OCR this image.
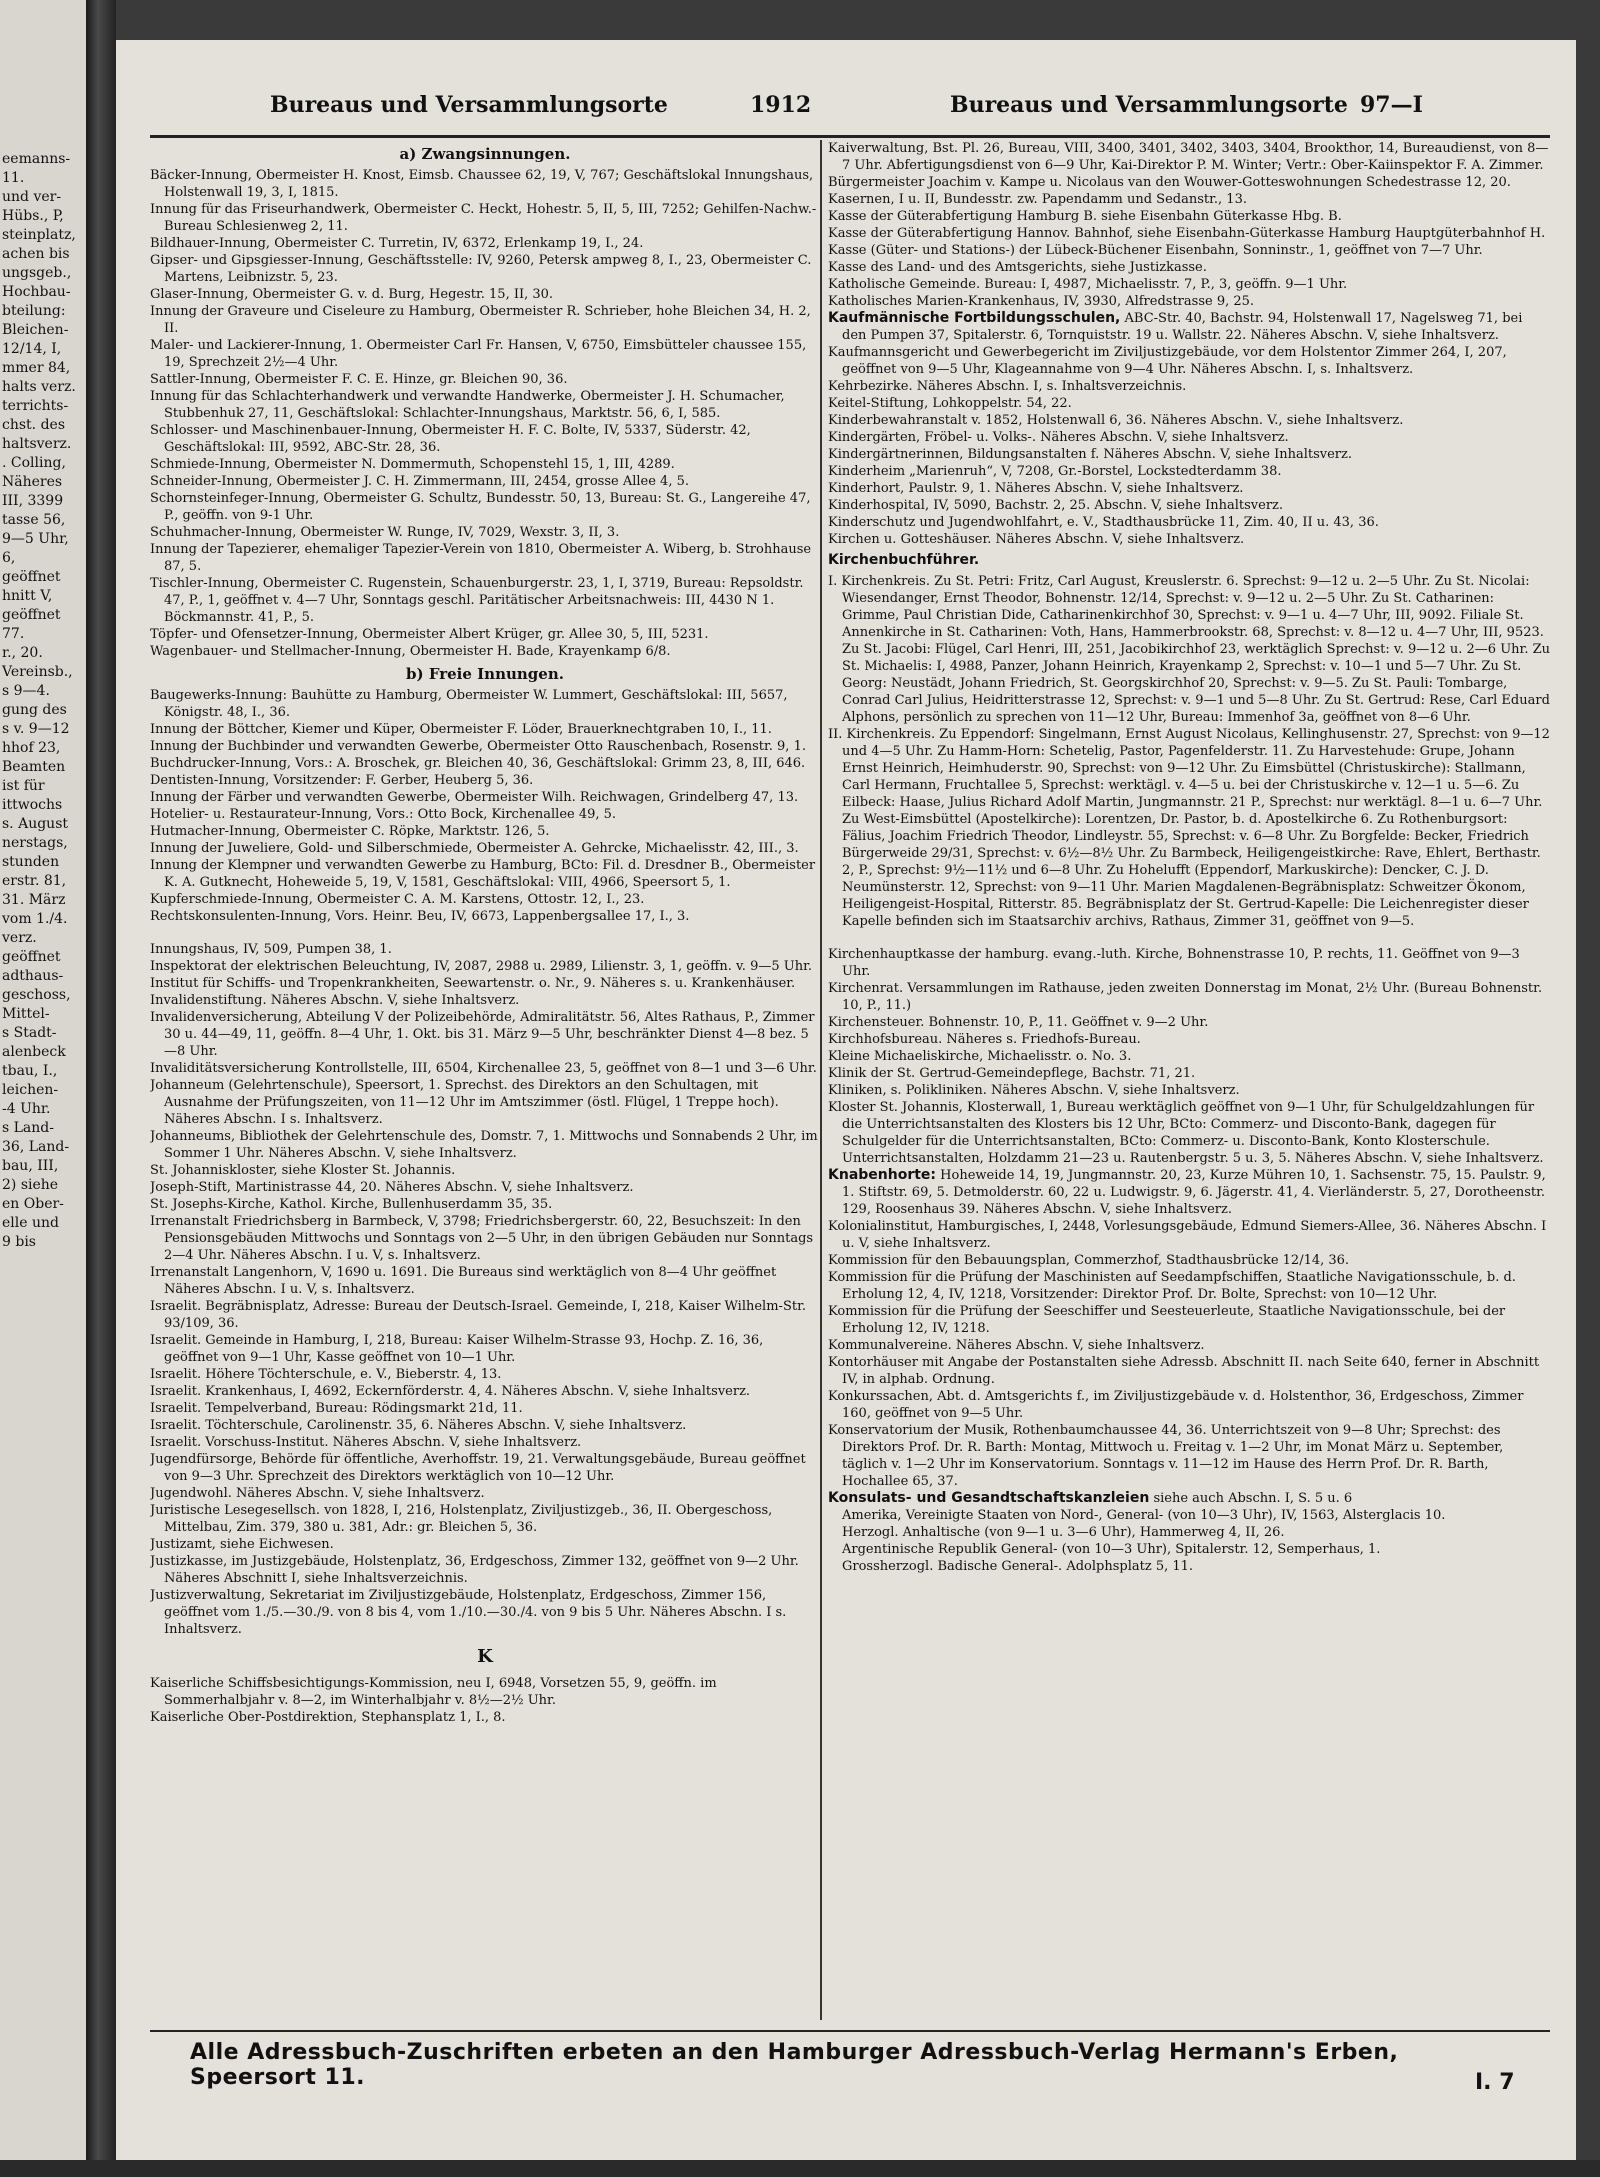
eemanns-
11.
und ver-
Hübs., P,
steinplatz,
achen bis
ungsgeb.,
Hochbau-
bteilung:
Bleichen-
12/14, I,
mmer 84,
halts verz.
terrichts-
chst. des
haltsverz.
. Colling,
Näheres
III, 3399
tasse 56,
9—5 Uhr,
6,
geöffnet
hnitt V,
geöffnet
77.
r., 20.
Vereinsb.,
s 9—4.
gung des
s v. 9—12
hhof 23,
Beamten
ist für
ittwochs
s. August
nerstags,
stunden
erstr. 81,
31. März
vom 1./4.
verz.
geöffnet
adthaus-
geschoss,
Mittel-
s Stadt-
alenbeck
tbau, I.,
leichen-
-4 Uhr.
s Land-
36, Land-
bau, III,
2) siehe
en Ober-
elle und
9 bis
Bureaus und Versammlungsorte	1912	Bureaus und Versammlungsorte 97—I
a) Zwangsinnungen.

Bäcker-Innung, Obermeister H. Knost, Eimsb. Chaussee 62, 19, V, 767; Geschäftslokal Innungshaus, Holstenwall 19, 3, I, 1815.

Innung für das Friseurhandwerk, Obermeister C. Heckt, Hohestr. 5, II, 5, III, 7252; Gehilfen-Nachw.-Bureau Schlesienweg 2, 11.

Bildhauer-Innung, Obermeister C. Turretin, IV, 6372, Erlenkamp 19, I., 24.

Gipser- und Gipsgiesser-Innung, Geschäftsstelle: IV, 9260, Petersk ampweg 8, I., 23, Obermeister C. Martens, Leibnizstr. 5, 23.

Glaser-Innung, Obermeister G. v. d. Burg, Hegestr. 15, II, 30.

Innung der Graveure und Ciseleure zu Hamburg, Obermeister R. Schrieber, hohe Bleichen 34, H. 2, II.

Maler- und Lackierer-Innung, 1. Obermeister Carl Fr. Hansen, V, 6750, Eimsbütteler chaussee 155, 19, Sprechzeit 2½—4 Uhr.

Sattler-Innung, Obermeister F. C. E. Hinze, gr. Bleichen 90, 36.

Innung für das Schlachterhandwerk und verwandte Handwerke, Obermeister J. H. Schumacher, Stubbenhuk 27, 11, Geschäftslokal: Schlachter-Innungshaus, Marktstr. 56, 6, I, 585.

Schlosser- und Maschinenbauer-Innung, Obermeister H. F. C. Bolte, IV, 5337, Süderstr. 42, Geschäftslokal: III, 9592, ABC-Str. 28, 36.

Schmiede-Innung, Obermeister N. Dommermuth, Schopenstehl 15, 1, III, 4289.

Schneider-Innung, Obermeister J. C. H. Zimmermann, III, 2454, grosse Allee 4, 5.

Schornsteinfeger-Innung, Obermeister G. Schultz, Bundesstr. 50, 13, Bureau: St. G., Langereihe 47, P., geöffn. von 9-1 Uhr.

Schuhmacher-Innung, Obermeister W. Runge, IV, 7029, Wexstr. 3, II, 3.

Innung der Tapezierer, ehemaliger Tapezier-Verein von 1810, Obermeister A. Wiberg, b. Strohhause 87, 5.

Tischler-Innung, Obermeister C. Rugenstein, Schauenburgerstr. 23, 1, I, 3719, Bureau: Repsoldstr. 47, P., 1, geöffnet v. 4—7 Uhr, Sonntags geschl. Paritätischer Arbeitsnachweis: III, 4430 N 1. Böckmannstr. 41, P., 5.

Töpfer- und Ofensetzer-Innung, Obermeister Albert Krüger, gr. Allee 30, 5, III, 5231.

Wagenbauer- und Stellmacher-Innung, Obermeister H. Bade, Krayenkamp 6/8.

b) Freie Innungen.

Baugewerks-Innung: Bauhütte zu Hamburg, Obermeister W. Lummert, Geschäftslokal: III, 5657, Königstr. 48, I., 36.

Innung der Böttcher, Kiemer und Küper, Obermeister F. Löder, Brauerknechtgraben 10, I., 11.

Innung der Buchbinder und verwandten Gewerbe, Obermeister Otto Rauschenbach, Rosenstr. 9, 1.

Buchdrucker-Innung, Vors.: A. Broschek, gr. Bleichen 40, 36, Geschäftslokal: Grimm 23, 8, III, 646.

Dentisten-Innung, Vorsitzender: F. Gerber, Heuberg 5, 36.

Innung der Färber und verwandten Gewerbe, Obermeister Wilh. Reichwagen, Grindelberg 47, 13.

Hotelier- u. Restaurateur-Innung, Vors.: Otto Bock, Kirchenallee 49, 5.

Hutmacher-Innung, Obermeister C. Röpke, Marktstr. 126, 5.

Innung der Juweliere, Gold- und Silberschmiede, Obermeister A. Gehrcke, Michaelisstr. 42, III., 3.

Innung der Klempner und verwandten Gewerbe zu Hamburg, BCto: Fil. d. Dresdner B., Obermeister K. A. Gutknecht, Hoheweide 5, 19, V, 1581, Geschäftslokal: VIII, 4966, Speersort 5, 1.

Kupferschmiede-Innung, Obermeister C. A. M. Karstens, Ottostr. 12, I., 23.

Rechtskonsulenten-Innung, Vors. Heinr. Beu, IV, 6673, Lappenbergsallee 17, I., 3.

Innungshaus, IV, 509, Pumpen 38, 1.

Inspektorat der elektrischen Beleuchtung, IV, 2087, 2988 u. 2989, Lilienstr. 3, 1, geöffn. v. 9—5 Uhr.

Institut für Schiffs- und Tropenkrankheiten, Seewartenstr. o. Nr., 9. Näheres s. u. Krankenhäuser.

Invalidenstiftung. Näheres Abschn. V, siehe Inhaltsverz.

Invalidenversicherung, Abteilung V der Polizeibehörde, Admiralitätstr. 56, Altes Rathaus, P., Zimmer 30 u. 44—49, 11, geöffn. 8—4 Uhr, 1. Okt. bis 31. März 9—5 Uhr, beschränkter Dienst 4—8 bez. 5—8 Uhr.

Invaliditätsversicherung Kontrollstelle, III, 6504, Kirchenallee 23, 5, geöffnet von 8—1 und 3—6 Uhr.

Johanneum (Gelehrtenschule), Speersort, 1. Sprechst. des Direktors an den Schultagen, mit Ausnahme der Prüfungszeiten, von 11—12 Uhr im Amtszimmer (östl. Flügel, 1 Treppe hoch). Näheres Abschn. I s. Inhaltsverz.

Johanneums, Bibliothek der Gelehrtenschule des, Domstr. 7, 1. Mittwochs und Sonnabends 2 Uhr, im Sommer 1 Uhr. Näheres Abschn. V, siehe Inhaltsverz.

St. Johanniskloster, siehe Kloster St. Johannis.

Joseph-Stift, Martinistrasse 44, 20. Näheres Abschn. V, siehe Inhaltsverz.

St. Josephs-Kirche, Kathol. Kirche, Bullenhuserdamm 35, 35.

Irrenanstalt Friedrichsberg in Barmbeck, V, 3798; Friedrichsbergerstr. 60, 22, Besuchszeit: In den Pensionsgebäuden Mittwochs und Sonntags von 2—5 Uhr, in den übrigen Gebäuden nur Sonntags 2—4 Uhr. Näheres Abschn. I u. V, s. Inhaltsverz.

Irrenanstalt Langenhorn, V, 1690 u. 1691. Die Bureaus sind werktäglich von 8—4 Uhr geöffnet Näheres Abschn. I u. V, s. Inhaltsverz.

Israelit. Begräbnisplatz, Adresse: Bureau der Deutsch-Israel. Gemeinde, I, 218, Kaiser Wilhelm-Str. 93/109, 36.

Israelit. Gemeinde in Hamburg, I, 218, Bureau: Kaiser Wilhelm-Strasse 93, Hochp. Z. 16, 36, geöffnet von 9—1 Uhr, Kasse geöffnet von 10—1 Uhr.

Israelit. Höhere Töchterschule, e. V., Bieberstr. 4, 13.

Israelit. Krankenhaus, I, 4692, Eckernförderstr. 4, 4. Näheres Abschn. V, siehe Inhaltsverz.

Israelit. Tempelverband, Bureau: Rödingsmarkt 21d, 11.

Israelit. Töchterschule, Carolinenstr. 35, 6. Näheres Abschn. V, siehe Inhaltsverz.

Israelit. Vorschuss-Institut. Näheres Abschn. V, siehe Inhaltsverz.

Jugendfürsorge, Behörde für öffentliche, Averhoffstr. 19, 21. Verwaltungsgebäude, Bureau geöffnet von 9—3 Uhr. Sprechzeit des Direktors werktäglich von 10—12 Uhr.

Jugendwohl. Näheres Abschn. V, siehe Inhaltsverz.

Juristische Lesegesellsch. von 1828, I, 216, Holstenplatz, Ziviljustizgeb., 36, II. Obergeschoss, Mittelbau, Zim. 379, 380 u. 381, Adr.: gr. Bleichen 5, 36.

Justizamt, siehe Eichwesen.

Justizkasse, im Justizgebäude, Holstenplatz, 36, Erdgeschoss, Zimmer 132, geöffnet von 9—2 Uhr. Näheres Abschnitt I, siehe Inhaltsverzeichnis.

Justizverwaltung, Sekretariat im Ziviljustizgebäude, Holstenplatz, Erdgeschoss, Zimmer 156, geöffnet vom 1./5.—30./9. von 8 bis 4, vom 1./10.—30./4. von 9 bis 5 Uhr. Näheres Abschn. I s. Inhaltsverz.

K

Kaiserliche Schiffsbesichtigungs-Kommission, neu I, 6948, Vorsetzen 55, 9, geöffn. im Sommerhalbjahr v. 8—2, im Winterhalbjahr v. 8½—2½ Uhr.

Kaiserliche Ober-Postdirektion, Stephansplatz 1, I., 8.

Kaiverwaltung, Bst. Pl. 26, Bureau, VIII, 3400, 3401, 3402, 3403, 3404, Brookthor, 14, Bureaudienst, von 8—7 Uhr. Abfertigungsdienst von 6—9 Uhr, Kai-Direktor P. M. Winter; Vertr.: Ober-Kaiinspektor F. A. Zimmer.

Bürgermeister Joachim v. Kampe u. Nicolaus van den Wouwer-Gotteswohnungen Schedestrasse 12, 20.

Kasernen, I u. II, Bundesstr. zw. Papendamm und Sedanstr., 13.

Kasse der Güterabfertigung Hamburg B. siehe Eisenbahn Güterkasse Hbg. B.

Kasse der Güterabfertigung Hannov. Bahnhof, siehe Eisenbahn-Güterkasse Hamburg Hauptgüterbahnhof H.

Kasse (Güter- und Stations-) der Lübeck-Büchener Eisenbahn, Sonninstr., 1, geöffnet von 7—7 Uhr.

Kasse des Land- und des Amtsgerichts, siehe Justizkasse.

Katholische Gemeinde. Bureau: I, 4987, Michaelisstr. 7, P., 3, geöffn. 9—1 Uhr.

Katholisches Marien-Krankenhaus, IV, 3930, Alfredstrasse 9, 25.

Kaufmännische Fortbildungsschulen, ABC-Str. 40, Bachstr. 94, Holstenwall 17, Nagelsweg 71, bei den Pumpen 37, Spitalerstr. 6, Tornquiststr. 19 u. Wallstr. 22. Näheres Abschn. V, siehe Inhaltsverz.

Kaufmannsgericht und Gewerbegericht im Ziviljustizgebäude, vor dem Holstentor Zimmer 264, I, 207, geöffnet von 9—5 Uhr, Klageannahme von 9—4 Uhr. Näheres Abschn. I, s. Inhaltsverz.

Kehrbezirke. Näheres Abschn. I, s. Inhaltsverzeichnis.

Keitel-Stiftung, Lohkoppelstr. 54, 22.

Kinderbewahranstalt v. 1852, Holstenwall 6, 36. Näheres Abschn. V., siehe Inhaltsverz.

Kindergärten, Fröbel- u. Volks-. Näheres Abschn. V, siehe Inhaltsverz.

Kindergärtnerinnen, Bildungsanstalten f. Näheres Abschn. V, siehe Inhaltsverz.

Kinderheim „Marienruh“, V, 7208, Gr.-Borstel, Lockstedterdamm 38.

Kinderhort, Paulstr. 9, 1. Näheres Abschn. V, siehe Inhaltsverz.

Kinderhospital, IV, 5090, Bachstr. 2, 25. Abschn. V, siehe Inhaltsverz.

Kinderschutz und Jugendwohlfahrt, e. V., Stadthausbrücke 11, Zim. 40, II u. 43, 36.

Kirchen u. Gotteshäuser. Näheres Abschn. V, siehe Inhaltsverz.

Kirchenbuchführer.

I. Kirchenkreis. Zu St. Petri: Fritz, Carl August, Kreuslerstr. 6. Sprechst: 9—12 u. 2—5 Uhr. Zu St. Nicolai: Wiesendanger, Ernst Theodor, Bohnenstr. 12/14, Sprechst: v. 9—12 u. 2—5 Uhr. Zu St. Catharinen: Grimme, Paul Christian Dide, Catharinenkirchhof 30, Sprechst: v. 9—1 u. 4—7 Uhr, III, 9092. Filiale St. Annenkirche in St. Catharinen: Voth, Hans, Hammerbrookstr. 68, Sprechst: v. 8—12 u. 4—7 Uhr, III, 9523. Zu St. Jacobi: Flügel, Carl Henri, III, 251, Jacobikirchhof 23, werktäglich Sprechst: v. 9—12 u. 2—6 Uhr. Zu St. Michaelis: I, 4988, Panzer, Johann Heinrich, Krayenkamp 2, Sprechst: v. 10—1 und 5—7 Uhr. Zu St. Georg: Neustädt, Johann Friedrich, St. Georgskirchhof 20, Sprechst: v. 9—5. Zu St. Pauli: Tombarge, Conrad Carl Julius, Heidritterstrasse 12, Sprechst: v. 9—1 und 5—8 Uhr. Zu St. Gertrud: Rese, Carl Eduard Alphons, persönlich zu sprechen von 11—12 Uhr, Bureau: Immenhof 3a, geöffnet von 8—6 Uhr.

II. Kirchenkreis. Zu Eppendorf: Singelmann, Ernst August Nicolaus, Kellinghusenstr. 27, Sprechst: von 9—12 und 4—5 Uhr. Zu Hamm-Horn: Schetelig, Pastor, Pagenfelderstr. 11. Zu Harvestehude: Grupe, Johann Ernst Heinrich, Heimhuderstr. 90, Sprechst: von 9—12 Uhr. Zu Eimsbüttel (Christuskirche): Stallmann, Carl Hermann, Fruchtallee 5, Sprechst: werktägl. v. 4—5 u. bei der Christuskirche v. 12—1 u. 5—6. Zu Eilbeck: Haase, Julius Richard Adolf Martin, Jungmannstr. 21 P., Sprechst: nur werktägl. 8—1 u. 6—7 Uhr. Zu West-Eimsbüttel (Apostelkirche): Lorentzen, Dr. Pastor, b. d. Apostelkirche 6. Zu Rothenburgsort: Fälius, Joachim Friedrich Theodor, Lindleystr. 55, Sprechst: v. 6—8 Uhr. Zu Borgfelde: Becker, Friedrich Bürgerweide 29/31, Sprechst: v. 6½—8½ Uhr. Zu Barmbeck, Heiligengeistkirche: Rave, Ehlert, Berthastr. 2, P., Sprechst: 9½—11½ und 6—8 Uhr. Zu Hohelufft (Eppendorf, Markuskirche): Dencker, C. J. D. Neumünsterstr. 12, Sprechst: von 9—11 Uhr. Marien Magdalenen-Begräbnisplatz: Schweitzer Ökonom, Heiligengeist-Hospital, Ritterstr. 85. Begräbnisplatz der St. Gertrud-Kapelle: Die Leichenregister dieser Kapelle befinden sich im Staatsarchiv archivs, Rathaus, Zimmer 31, geöffnet von 9—5.

Kirchenhauptkasse der hamburg. evang.-luth. Kirche, Bohnenstrasse 10, P. rechts, 11. Geöffnet von 9—3 Uhr.

Kirchenrat. Versammlungen im Rathause, jeden zweiten Donnerstag im Monat, 2½ Uhr. (Bureau Bohnenstr. 10, P., 11.)

Kirchensteuer. Bohnenstr. 10, P., 11. Geöffnet v. 9—2 Uhr.

Kirchhofsbureau. Näheres s. Friedhofs-Bureau.

Kleine Michaeliskirche, Michaelisstr. o. No. 3.

Klinik der St. Gertrud-Gemeindepflege, Bachstr. 71, 21.

Kliniken, s. Polikliniken. Näheres Abschn. V, siehe Inhaltsverz.

Kloster St. Johannis, Klosterwall, 1, Bureau werktäglich geöffnet von 9—1 Uhr, für Schulgeldzahlungen für die Unterrichtsanstalten des Klosters bis 12 Uhr, BCto: Commerz- und Disconto-Bank, dagegen für Schulgelder für die Unterrichtsanstalten, BCto: Commerz- u. Disconto-Bank, Konto Klosterschule. Unterrichtsanstalten, Holzdamm 21—23 u. Rautenbergstr. 5 u. 3, 5. Näheres Abschn. V, siehe Inhaltsverz.

Knabenhorte: Hoheweide 14, 19, Jungmannstr. 20, 23, Kurze Mühren 10, 1. Sachsenstr. 75, 15. Paulstr. 9, 1. Stiftstr. 69, 5. Detmolderstr. 60, 22 u. Ludwigstr. 9, 6. Jägerstr. 41, 4. Vierländerstr. 5, 27, Dorotheenstr. 129, Roosenhaus 39. Näheres Abschn. V, siehe Inhaltsverz.

Kolonialinstitut, Hamburgisches, I, 2448, Vorlesungsgebäude, Edmund Siemers-Allee, 36. Näheres Abschn. I u. V, siehe Inhaltsverz.

Kommission für den Bebauungsplan, Commerzhof, Stadthausbrücke 12/14, 36.

Kommission für die Prüfung der Maschinisten auf Seedampfschiffen, Staatliche Navigationsschule, b. d. Erholung 12, 4, IV, 1218, Vorsitzender: Direktor Prof. Dr. Bolte, Sprechst: von 10—12 Uhr.

Kommission für die Prüfung der Seeschiffer und Seesteuerleute, Staatliche Navigationsschule, bei der Erholung 12, IV, 1218.

Kommunalvereine. Näheres Abschn. V, siehe Inhaltsverz.

Kontorhäuser mit Angabe der Postanstalten siehe Adressb. Abschnitt II. nach Seite 640, ferner in Abschnitt IV, in alphab. Ordnung.

Konkurssachen, Abt. d. Amtsgerichts f., im Ziviljustizgebäude v. d. Holstenthor, 36, Erdgeschoss, Zimmer 160, geöffnet von 9—5 Uhr.

Konservatorium der Musik, Rothenbaumchaussee 44, 36. Unterrichtszeit von 9—8 Uhr; Sprechst: des Direktors Prof. Dr. R. Barth: Montag, Mittwoch u. Freitag v. 1—2 Uhr, im Monat März u. September, täglich v. 1—2 Uhr im Konservatorium. Sonntags v. 11—12 im Hause des Herrn Prof. Dr. R. Barth, Hochallee 65, 37.

Konsulats- und Gesandtschaftskanzleien siehe auch Abschn. I, S. 5 u. 6

Amerika, Vereinigte Staaten von Nord-, General- (von 10—3 Uhr), IV, 1563, Alsterglacis 10.

Herzogl. Anhaltische (von 9—1 u. 3—6 Uhr), Hammerweg 4, II, 26.

Argentinische Republik General- (von 10—3 Uhr), Spitalerstr. 12, Semperhaus, 1.

Grossherzogl. Badische General-. Adolphsplatz 5, 11.

Alle Adressbuch-Zuschriften erbeten an den Hamburger Adressbuch-Verlag Hermann's Erben, Speersort 11.	I. 7
